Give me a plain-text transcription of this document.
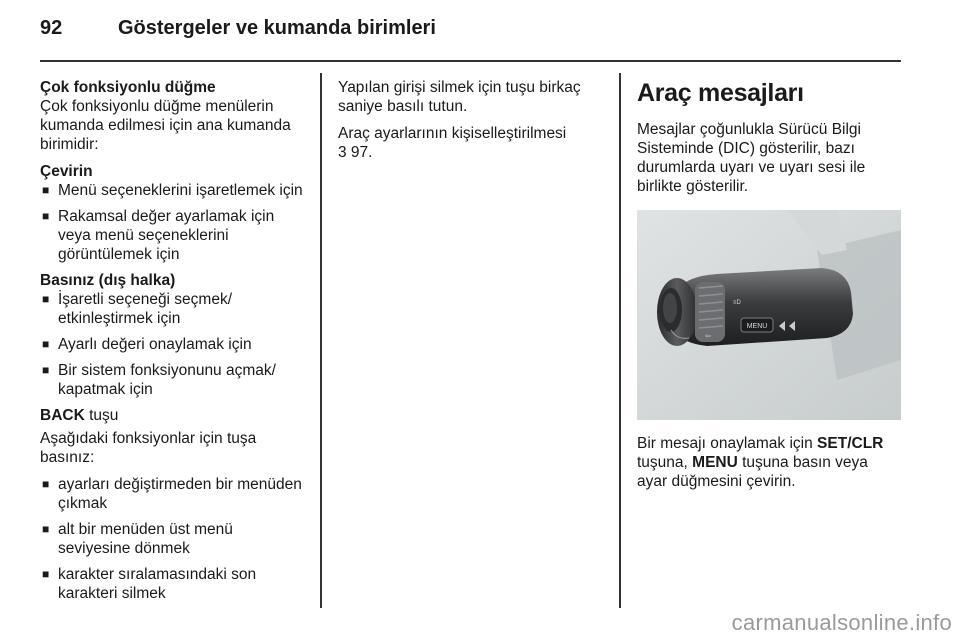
92	Göstergeler ve kumanda birimleri

Çok fonksiyonlu düğme

Çok fonksiyonlu düğme menülerin kumanda edilmesi için ana kumanda birimidir:

Çevirin

■ Menü seçeneklerini işaretlemek için
■ Rakamsal değer ayarlamak için veya menü seçeneklerini görüntülemek için

Basınız (dış halka)

■ İşaretli seçeneği seçmek/ etkinleştirmek için
■ Ayarlı değeri onaylamak için
■ Bir sistem fonksiyonunu açmak/ kapatmak için

BACK tuşu

Aşağıdaki fonksiyonlar için tuşa basınız:

■ ayarları değiştirmeden bir menüden çıkmak
■ alt bir menüden üst menü seviyesine dönmek
■ karakter sıralamasındaki son karakteri silmek

Yapılan girişi silmek için tuşu birkaç saniye basılı tutun.

Araç ayarlarının kişiselleştirilmesi
3 97.

Araç mesajları

Mesajlar çoğunlukla Sürücü Bilgi Sisteminde (DIC) gösterilir, bazı durumlarda uyarı ve uyarı sesi ile birlikte gösterilir.

⇦
≡D
MENU

Bir mesajı onaylamak için SET/CLR tuşuna, MENU tuşuna basın veya ayar düğmesini çevirin.

carmanualsonline.info
